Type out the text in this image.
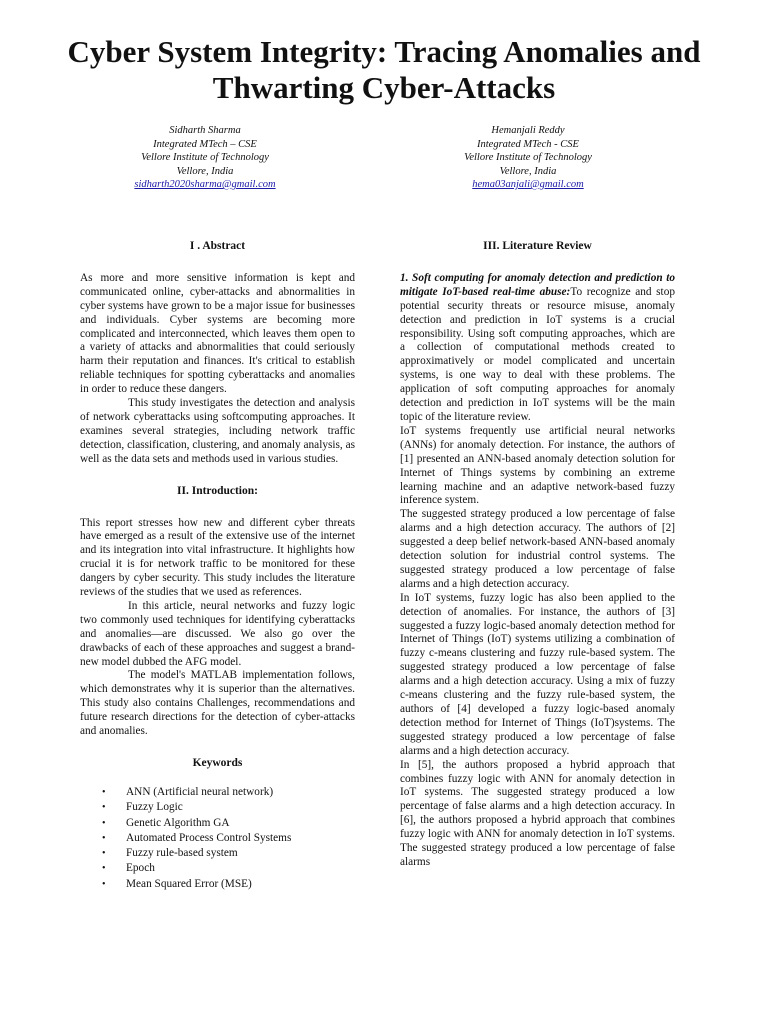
Cyber System Integrity: Tracing Anomalies and Thwarting Cyber-Attacks
Sidharth Sharma
Integrated MTech – CSE
Vellore Institute of Technology
Vellore, India
sidharth2020sharma@gmail.com
Hemanjali Reddy
Integrated MTech - CSE
Vellore Institute of Technology
Vellore, India
hema03anjali@gmail.com
I . Abstract

As more and more sensitive information is kept and communicated online, cyber-attacks and abnormalities in cyber systems have grown to be a major issue for businesses and individuals. Cyber systems are becoming more complicated and interconnected, which leaves them open to a variety of attacks and abnormalities that could seriously harm their reputation and finances. It's critical to establish reliable techniques for spotting cyberattacks and anomalies in order to reduce these dangers.

This study investigates the detection and analysis of network cyberattacks using softcomputing approaches. It examines several strategies, including network traffic detection, classification, clustering, and anomaly analysis, as well as the data sets and methods used in various studies.

II. Introduction:

This report stresses how new and different cyber threats have emerged as a result of the extensive use of the internet and its integration into vital infrastructure. It highlights how crucial it is for network traffic to be monitored for these dangers by cyber security. This study includes the literature reviews of the studies that we used as references.

In this article, neural networks and fuzzy logic two commonly used techniques for identifying cyberattacks and anomalies—are discussed. We also go over the drawbacks of each of these approaches and suggest a brand-new model dubbed the AFG model.

The model's MATLAB implementation follows, which demonstrates why it is superior than the alternatives. This study also contains Challenges, recommendations and future research directions for the detection of cyber-attacks and anomalies.

Keywords
• ANN (Artificial neural network)
• Fuzzy Logic
• Genetic Algorithm GA
• Automated Process Control Systems
• Fuzzy rule-based system
• Epoch
• Mean Squared Error (MSE)
III. Literature Review

1. Soft computing for anomaly detection and prediction to mitigate IoT-based real-time abuse:To recognize and stop potential security threats or resource misuse, anomaly detection and prediction in IoT systems is a crucial responsibility. Using soft computing approaches, which are a collection of computational methods created to approximatively or model complicated and uncertain systems, is one way to deal with these problems. The application of soft computing approaches for anomaly detection and prediction in IoT systems will be the main topic of the literature review.

IoT systems frequently use artificial neural networks (ANNs) for anomaly detection. For instance, the authors of [1] presented an ANN-based anomaly detection solution for Internet of Things systems by combining an extreme learning machine and an adaptive network-based fuzzy inference system.

The suggested strategy produced a low percentage of false alarms and a high detection accuracy. The authors of [2] suggested a deep belief network-based ANN-based anomaly detection solution for industrial control systems. The suggested strategy produced a low percentage of false alarms and a high detection accuracy.

In IoT systems, fuzzy logic has also been applied to the detection of anomalies. For instance, the authors of [3] suggested a fuzzy logic-based anomaly detection method for Internet of Things (IoT) systems utilizing a combination of fuzzy c-means clustering and fuzzy rule-based system. The suggested strategy produced a low percentage of false alarms and a high detection accuracy. Using a mix of fuzzy c-means clustering and the fuzzy rule-based system, the authors of [4] developed a fuzzy logic-based anomaly detection method for Internet of Things (IoT)systems. The suggested strategy produced a low percentage of false alarms and a high detection accuracy.

In [5], the authors proposed a hybrid approach that combines fuzzy logic with ANN for anomaly detection in IoT systems. The suggested strategy produced a low percentage of false alarms and a high detection accuracy. In [6], the authors proposed a hybrid approach that combines fuzzy logic with ANN for anomaly detection in IoT systems. The suggested strategy produced a low percentage of false alarms
